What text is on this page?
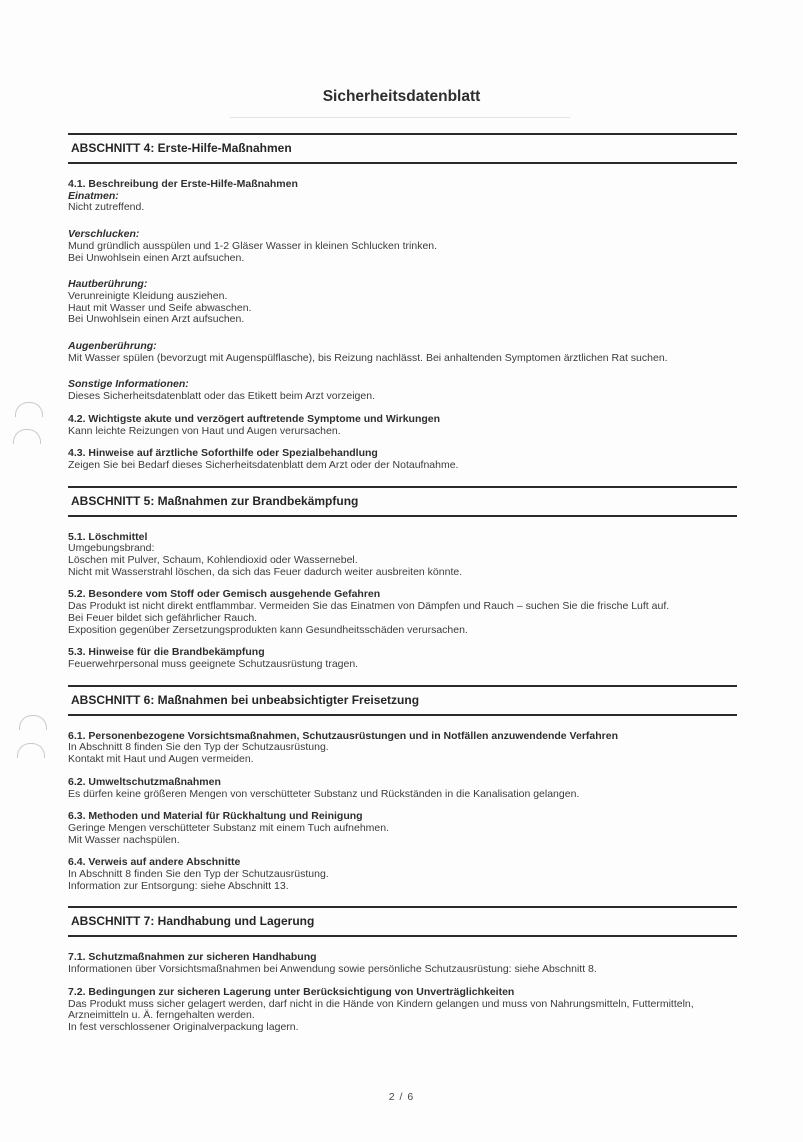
Sicherheitsdatenblatt
ABSCHNITT 4: Erste-Hilfe-Maßnahmen
4.1. Beschreibung der Erste-Hilfe-Maßnahmen
Einatmen:
Nicht zutreffend.
Verschlucken:
Mund gründlich ausspülen und 1-2 Gläser Wasser in kleinen Schlucken trinken.
Bei Unwohlsein einen Arzt aufsuchen.
Hautberührung:
Verunreinigte Kleidung ausziehen.
Haut mit Wasser und Seife abwaschen.
Bei Unwohlsein einen Arzt aufsuchen.
Augenberührung:
Mit Wasser spülen (bevorzugt mit Augenspülflasche), bis Reizung nachlässt. Bei anhaltenden Symptomen ärztlichen Rat suchen.
Sonstige Informationen:
Dieses Sicherheitsdatenblatt oder das Etikett beim Arzt vorzeigen.
4.2. Wichtigste akute und verzögert auftretende Symptome und Wirkungen
Kann leichte Reizungen von Haut und Augen verursachen.
4.3. Hinweise auf ärztliche Soforthilfe oder Spezialbehandlung
Zeigen Sie bei Bedarf dieses Sicherheitsdatenblatt dem Arzt oder der Notaufnahme.
ABSCHNITT 5: Maßnahmen zur Brandbekämpfung
5.1. Löschmittel
Umgebungsbrand:
Löschen mit Pulver, Schaum, Kohlendioxid oder Wassernebel.
Nicht mit Wasserstrahl löschen, da sich das Feuer dadurch weiter ausbreiten könnte.
5.2. Besondere vom Stoff oder Gemisch ausgehende Gefahren
Das Produkt ist nicht direkt entflammbar. Vermeiden Sie das Einatmen von Dämpfen und Rauch – suchen Sie die frische Luft auf.
Bei Feuer bildet sich gefährlicher Rauch.
Exposition gegenüber Zersetzungsprodukten kann Gesundheitsschäden verursachen.
5.3. Hinweise für die Brandbekämpfung
Feuerwehrpersonal muss geeignete Schutzausrüstung tragen.
ABSCHNITT 6: Maßnahmen bei unbeabsichtigter Freisetzung
6.1. Personenbezogene Vorsichtsmaßnahmen, Schutzausrüstungen und in Notfällen anzuwendende Verfahren
In Abschnitt 8 finden Sie den Typ der Schutzausrüstung.
Kontakt mit Haut und Augen vermeiden.
6.2. Umweltschutzmaßnahmen
Es dürfen keine größeren Mengen von verschütteter Substanz und Rückständen in die Kanalisation gelangen.
6.3. Methoden und Material für Rückhaltung und Reinigung
Geringe Mengen verschütteter Substanz mit einem Tuch aufnehmen.
Mit Wasser nachspülen.
6.4. Verweis auf andere Abschnitte
In Abschnitt 8 finden Sie den Typ der Schutzausrüstung.
Information zur Entsorgung: siehe Abschnitt 13.
ABSCHNITT 7: Handhabung und Lagerung
7.1. Schutzmaßnahmen zur sicheren Handhabung
Informationen über Vorsichtsmaßnahmen bei Anwendung sowie persönliche Schutzausrüstung: siehe Abschnitt 8.
7.2. Bedingungen zur sicheren Lagerung unter Berücksichtigung von Unverträglichkeiten
Das Produkt muss sicher gelagert werden, darf nicht in die Hände von Kindern gelangen und muss von Nahrungsmitteln, Futtermitteln,
Arzneimitteln u. Ä. ferngehalten werden.
In fest verschlossener Originalverpackung lagern.
2 / 6
